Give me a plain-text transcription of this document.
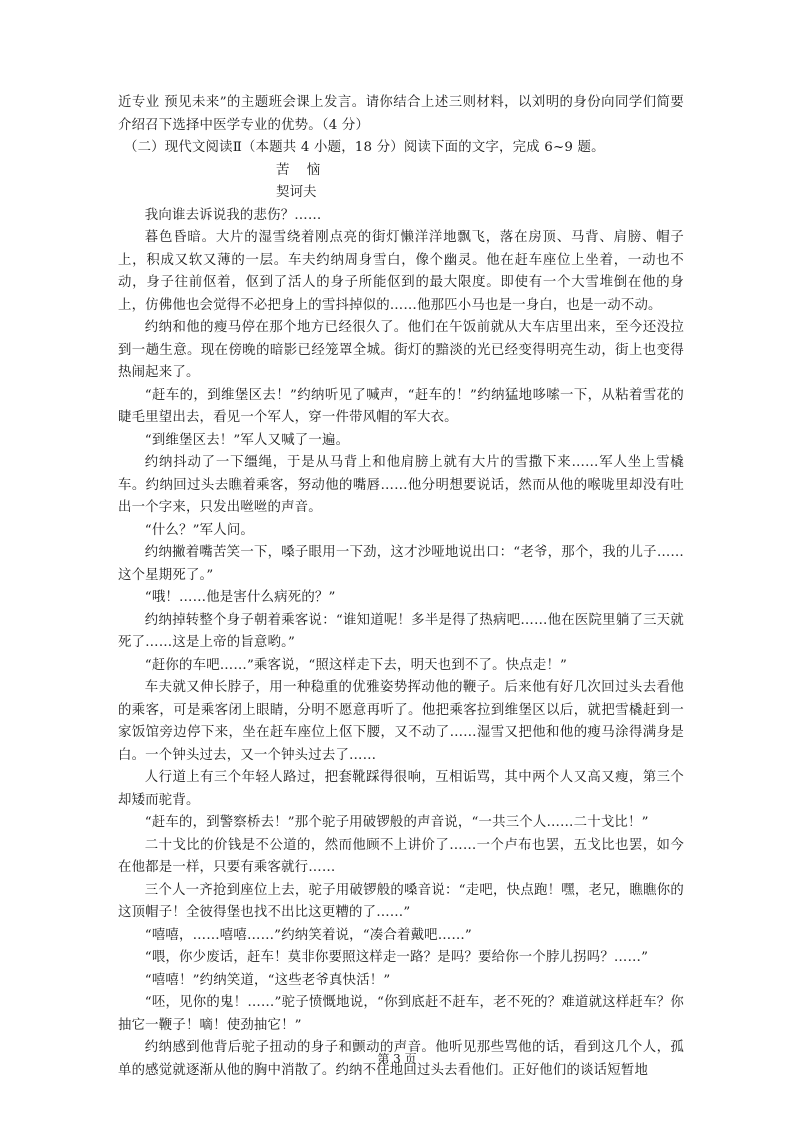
近专业 预见未来”的主题班会课上发言。请你结合上述三则材料，以刘明的身份向同学们简要介绍召下选择中医学专业的优势。（4 分）

（二）现代文阅读Ⅱ（本题共 4 小题，18 分）阅读下面的文字，完成 6~9 题。

苦　恼

契诃夫

我向谁去诉说我的悲伤？……

暮色昏暗。大片的湿雪绕着刚点亮的街灯懒洋洋地飘飞，落在房顶、马背、肩膀、帽子上，积成又软又薄的一层。车夫约纳周身雪白，像个幽灵。他在赶车座位上坐着，一动也不动，身子往前伛着，伛到了活人的身子所能伛到的最大限度。即使有一个大雪堆倒在他的身上，仿佛他也会觉得不必把身上的雪抖掉似的……他那匹小马也是一身白，也是一动不动。

约纳和他的瘦马停在那个地方已经很久了。他们在午饭前就从大车店里出来，至今还没拉到一趟生意。现在傍晚的暗影已经笼罩全城。街灯的黯淡的光已经变得明亮生动，街上也变得热闹起来了。

“赶车的，到维堡区去！”约纳听见了喊声，“赶车的！”约纳猛地哆嗦一下，从粘着雪花的睫毛里望出去，看见一个军人，穿一件带风帽的军大衣。

“到维堡区去！”军人又喊了一遍。

约纳抖动了一下缰绳，于是从马背上和他肩膀上就有大片的雪撒下来……军人坐上雪橇车。约纳回过头去瞧着乘客，努动他的嘴唇……他分明想要说话，然而从他的喉咙里却没有吐出一个字来，只发出咝咝的声音。

“什么？”军人问。

约纳撇着嘴苦笑一下，嗓子眼用一下劲，这才沙哑地说出口：“老爷，那个，我的儿子……这个星期死了。”

“哦！……他是害什么病死的？”

约纳掉转整个身子朝着乘客说：“谁知道呢！多半是得了热病吧……他在医院里躺了三天就死了……这是上帝的旨意哟。”

“赶你的车吧……”乘客说，“照这样走下去，明天也到不了。快点走！”

车夫就又伸长脖子，用一种稳重的优雅姿势挥动他的鞭子。后来他有好几次回过头去看他的乘客，可是乘客闭上眼睛，分明不愿意再听了。他把乘客拉到维堡区以后，就把雪橇赶到一家饭馆旁边停下来，坐在赶车座位上伛下腰，又不动了……湿雪又把他和他的瘦马涂得满身是白。一个钟头过去，又一个钟头过去了……

人行道上有三个年轻人路过，把套靴踩得很响，互相诟骂，其中两个人又高又瘦，第三个却矮而驼背。

“赶车的，到警察桥去！”那个驼子用破锣般的声音说，“一共三个人……二十戈比！”

二十戈比的价钱是不公道的，然而他顾不上讲价了……一个卢布也罢，五戈比也罢，如今在他都是一样，只要有乘客就行……

三个人一齐抢到座位上去，驼子用破锣般的嗓音说：“走吧，快点跑！嘿，老兄，瞧瞧你的这顶帽子！全彼得堡也找不出比这更糟的了……”

“嘻嘻，……嘻嘻……”约纳笑着说，“凑合着戴吧……”

“喂，你少废话，赶车！莫非你要照这样走一路？是吗？要给你一个脖儿拐吗？……”

“嘻嘻！”约纳笑道，“这些老爷真快活！”

“呸，见你的鬼！……”驼子愤慨地说，“你到底赶不赶车，老不死的？难道就这样赶车？你抽它一鞭子！嘀！使劲抽它！”

约纳感到他背后驼子扭动的身子和颤动的声音。他听见那些骂他的话，看到这几个人，孤单的感觉就逐渐从他的胸中消散了。约纳不住地回过头去看他们。正好他们的谈话短暂地

第 3 页
